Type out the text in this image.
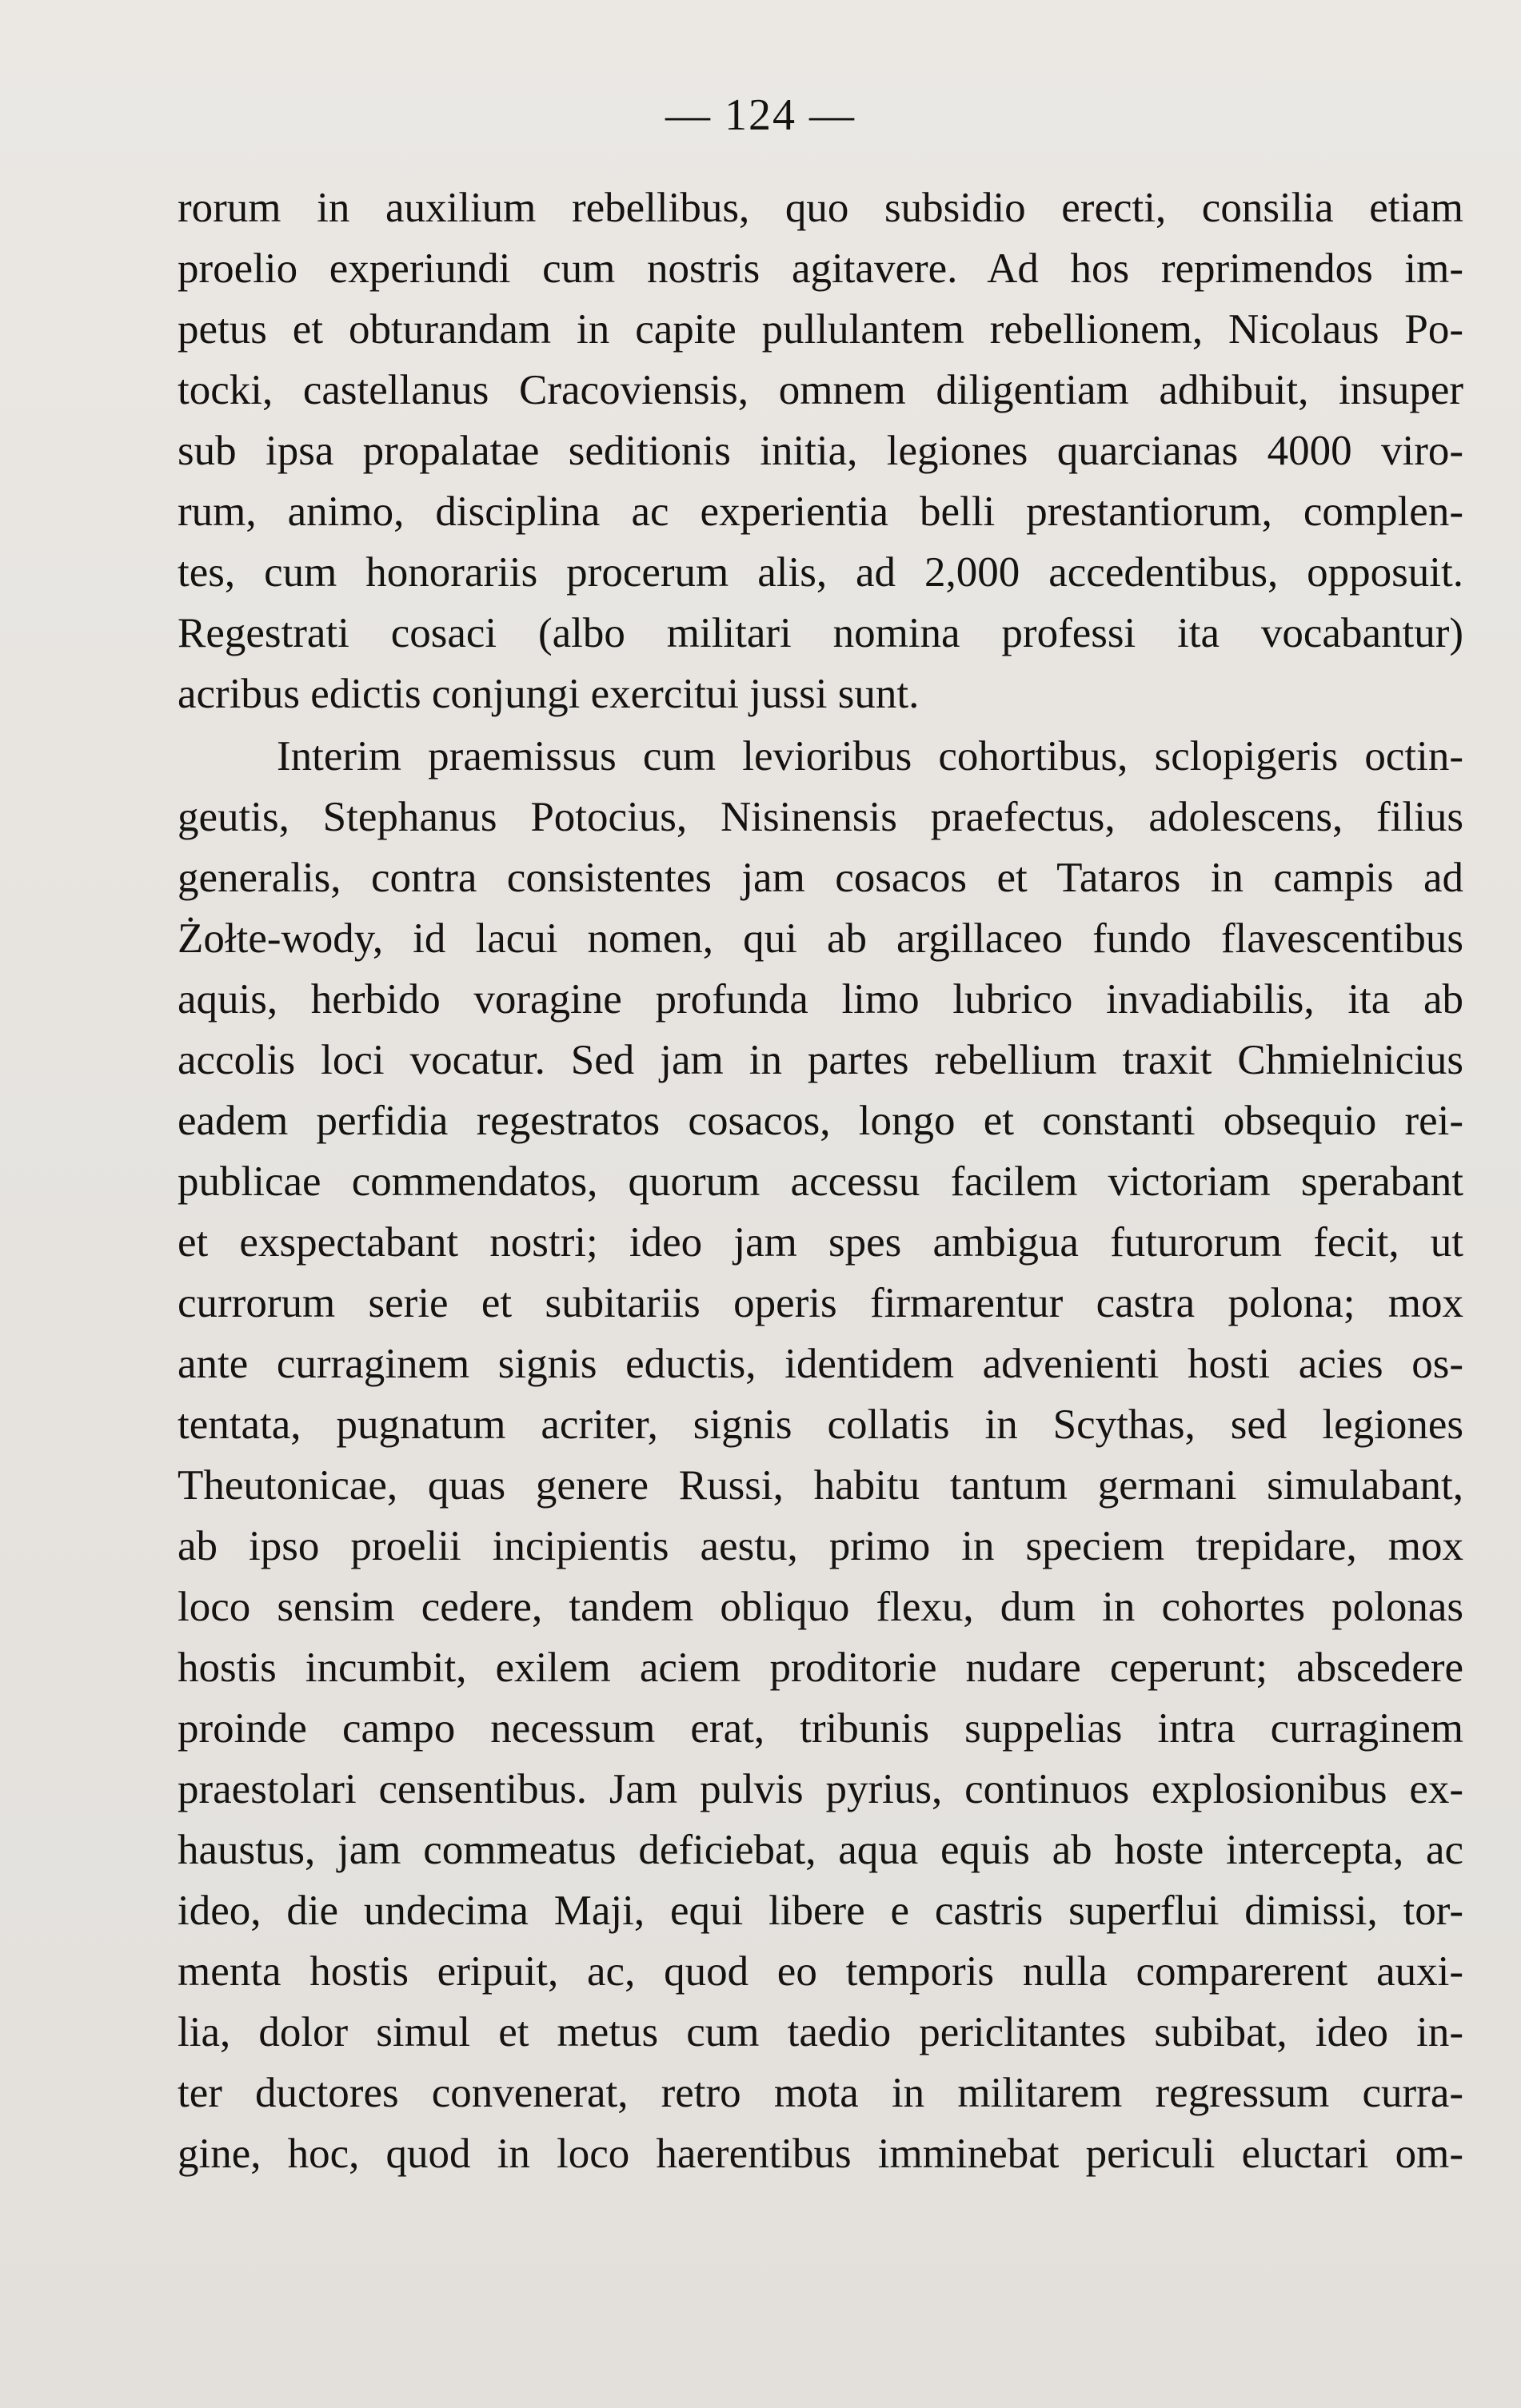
— 124 —
rorum in auxilium rebellibus, quo subsidio erecti, consilia etiam
proelio experiundi cum nostris agitavere. Ad hos reprimendos im-
petus et obturandam in capite pullulantem rebellionem, Nicolaus Po-
tocki, castellanus Cracoviensis, omnem diligentiam adhibuit, insuper
sub ipsa propalatae seditionis initia, legiones quarcianas 4000 viro-
rum, animo, disciplina ac experientia belli prestantiorum, complen-
tes, cum honorariis procerum alis, ad 2,000 accedentibus, opposuit.
Regestrati cosaci (albo militari nomina professi ita vocabantur)
acribus edictis conjungi exercitui jussi sunt.
Interim praemissus cum levioribus cohortibus, sclopigeris octin-
geutis, Stephanus Potocius, Nisinensis praefectus, adolescens, filius
generalis, contra consistentes jam cosacos et Tataros in campis ad
Żołte-wody, id lacui nomen, qui ab argillaceo fundo flavescentibus
aquis, herbido voragine profunda limo lubrico invadiabilis, ita ab
accolis loci vocatur. Sed jam in partes rebellium traxit Chmielnicius
eadem perfidia regestratos cosacos, longo et constanti obsequio rei-
publicae commendatos, quorum accessu facilem victoriam sperabant
et exspectabant nostri; ideo jam spes ambigua futurorum fecit, ut
currorum serie et subitariis operis firmarentur castra polona; mox
ante curraginem signis eductis, identidem advenienti hosti acies os-
tentata, pugnatum acriter, signis collatis in Scythas, sed legiones
Theutonicae, quas genere Russi, habitu tantum germani simulabant,
ab ipso proelii incipientis aestu, primo in speciem trepidare, mox
loco sensim cedere, tandem obliquo flexu, dum in cohortes polonas
hostis incumbit, exilem aciem proditorie nudare ceperunt; abscedere
proinde campo necessum erat, tribunis suppelias intra curraginem
praestolari censentibus. Jam pulvis pyrius, continuos explosionibus ex-
haustus, jam commeatus deficiebat, aqua equis ab hoste intercepta, ac
ideo, die undecima Maji, equi libere e castris superflui dimissi, tor-
menta hostis eripuit, ac, quod eo temporis nulla comparerent auxi-
lia, dolor simul et metus cum taedio periclitantes subibat, ideo in-
ter ductores convenerat, retro mota in militarem regressum curra-
gine, hoc, quod in loco haerentibus imminebat periculi eluctari om-
